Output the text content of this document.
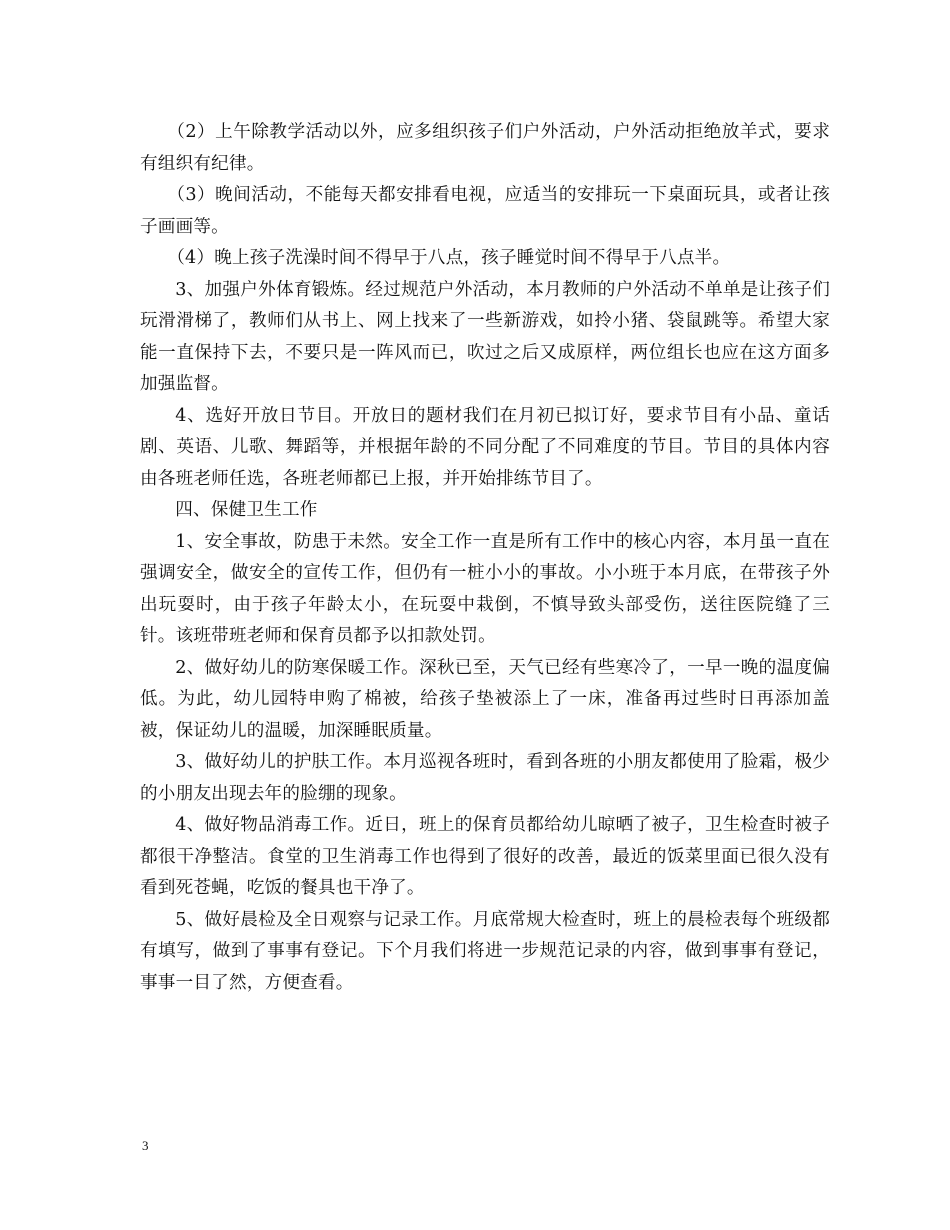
（2）上午除教学活动以外，应多组织孩子们户外活动，户外活动拒绝放羊式，要求有组织有纪律。

（3）晚间活动，不能每天都安排看电视，应适当的安排玩一下桌面玩具，或者让孩子画画等。

（4）晚上孩子洗澡时间不得早于八点，孩子睡觉时间不得早于八点半。

3、加强户外体育锻炼。经过规范户外活动，本月教师的户外活动不单单是让孩子们玩滑滑梯了，教师们从书上、网上找来了一些新游戏，如拎小猪、袋鼠跳等。希望大家能一直保持下去，不要只是一阵风而已，吹过之后又成原样，两位组长也应在这方面多加强监督。

4、选好开放日节目。开放日的题材我们在月初已拟订好，要求节目有小品、童话剧、英语、儿歌、舞蹈等，并根据年龄的不同分配了不同难度的节目。节目的具体内容由各班老师任选，各班老师都已上报，并开始排练节目了。

四、保健卫生工作

1、安全事故，防患于未然。安全工作一直是所有工作中的核心内容，本月虽一直在强调安全，做安全的宣传工作，但仍有一桩小小的事故。小小班于本月底，在带孩子外出玩耍时，由于孩子年龄太小，在玩耍中栽倒，不慎导致头部受伤，送往医院缝了三针。该班带班老师和保育员都予以扣款处罚。

2、做好幼儿的防寒保暖工作。深秋已至，天气已经有些寒冷了，一早一晚的温度偏低。为此，幼儿园特申购了棉被，给孩子垫被添上了一床，准备再过些时日再添加盖被，保证幼儿的温暖，加深睡眠质量。

3、做好幼儿的护肤工作。本月巡视各班时，看到各班的小朋友都使用了脸霜，极少的小朋友出现去年的脸绷的现象。

4、做好物品消毒工作。近日，班上的保育员都给幼儿晾晒了被子，卫生检查时被子都很干净整洁。食堂的卫生消毒工作也得到了很好的改善，最近的饭菜里面已很久没有看到死苍蝇，吃饭的餐具也干净了。

5、做好晨检及全日观察与记录工作。月底常规大检查时，班上的晨检表每个班级都有填写，做到了事事有登记。下个月我们将进一步规范记录的内容，做到事事有登记，事事一目了然，方便查看。

3
